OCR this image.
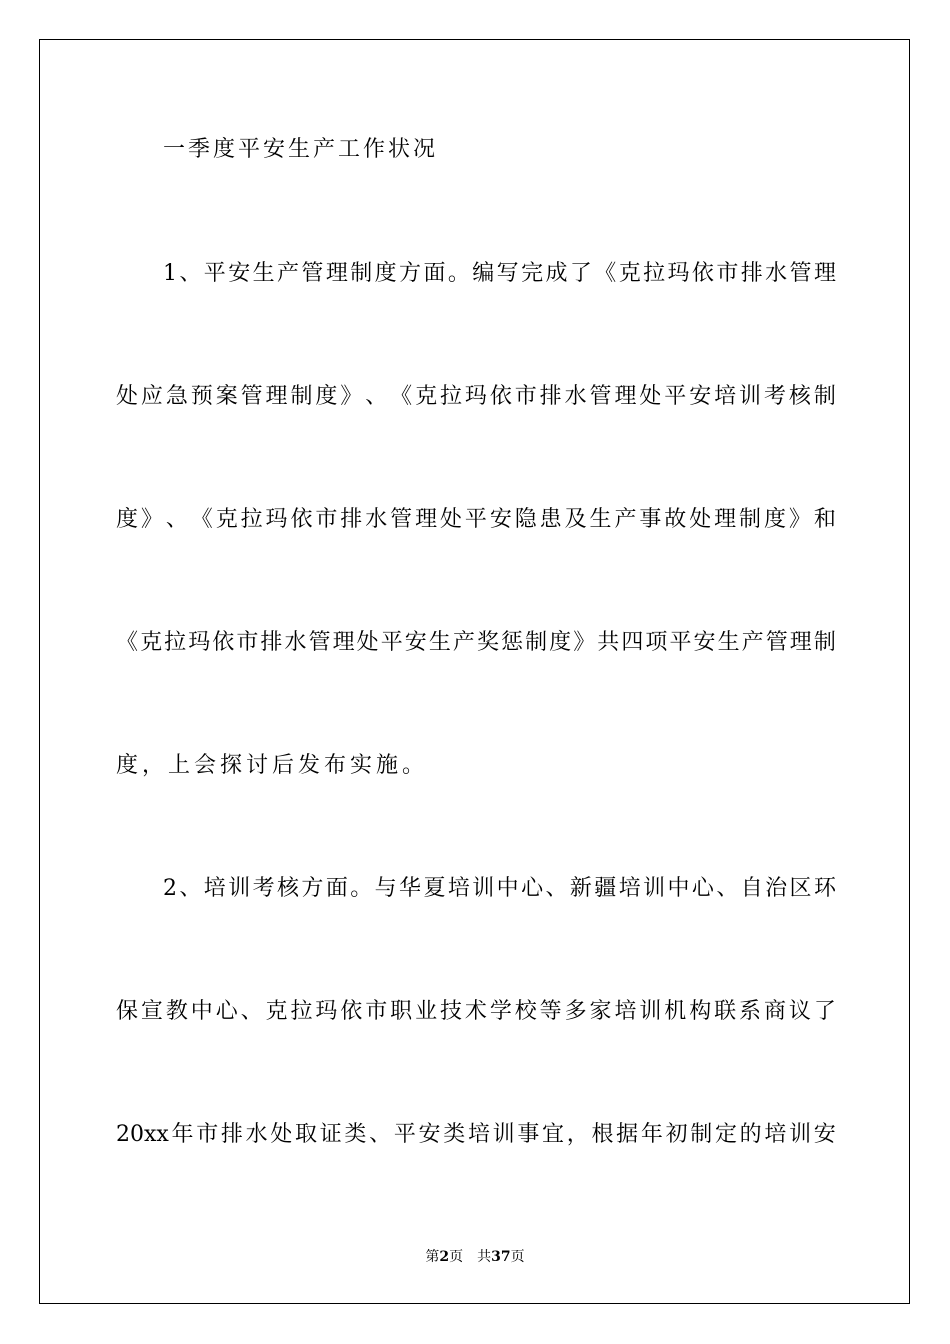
一季度平安生产工作状况
1 、 平 安 生 产 管 理 制 度 方 面 。 编 写 完 成 了 《 克 拉 玛 依 市 排 水 管 理
处 应 急 预 案 管 理 制 度 》 、 《 克 拉 玛 依 市 排 水 管 理 处 平 安 培 训 考 核 制
度 》 、 《 克 拉 玛 依 市 排 水 管 理 处 平 安 隐 患 及 生 产 事 故 处 理 制 度 》 和
《 克 拉 玛 依 市 排 水 管 理 处 平 安 生 产 奖 惩 制 度 》 共 四 项 平 安 生 产 管 理 制
度，上会探讨后发布实施。
2 、 培 训 考 核 方 面 。 与 华 夏 培 训 中 心 、 新 疆 培 训 中 心 、 自 治 区 环
保 宣 教 中 心 、 克 拉 玛 依 市 职 业 技 术 学 校 等 多 家 培 训 机 构 联 系 商 议 了
20xx 年 市 排 水 处 取 证 类 、 平 安 类 培 训 事 宜 ， 根 据 年 初 制 定 的 培 训 安
第2页 共37页
